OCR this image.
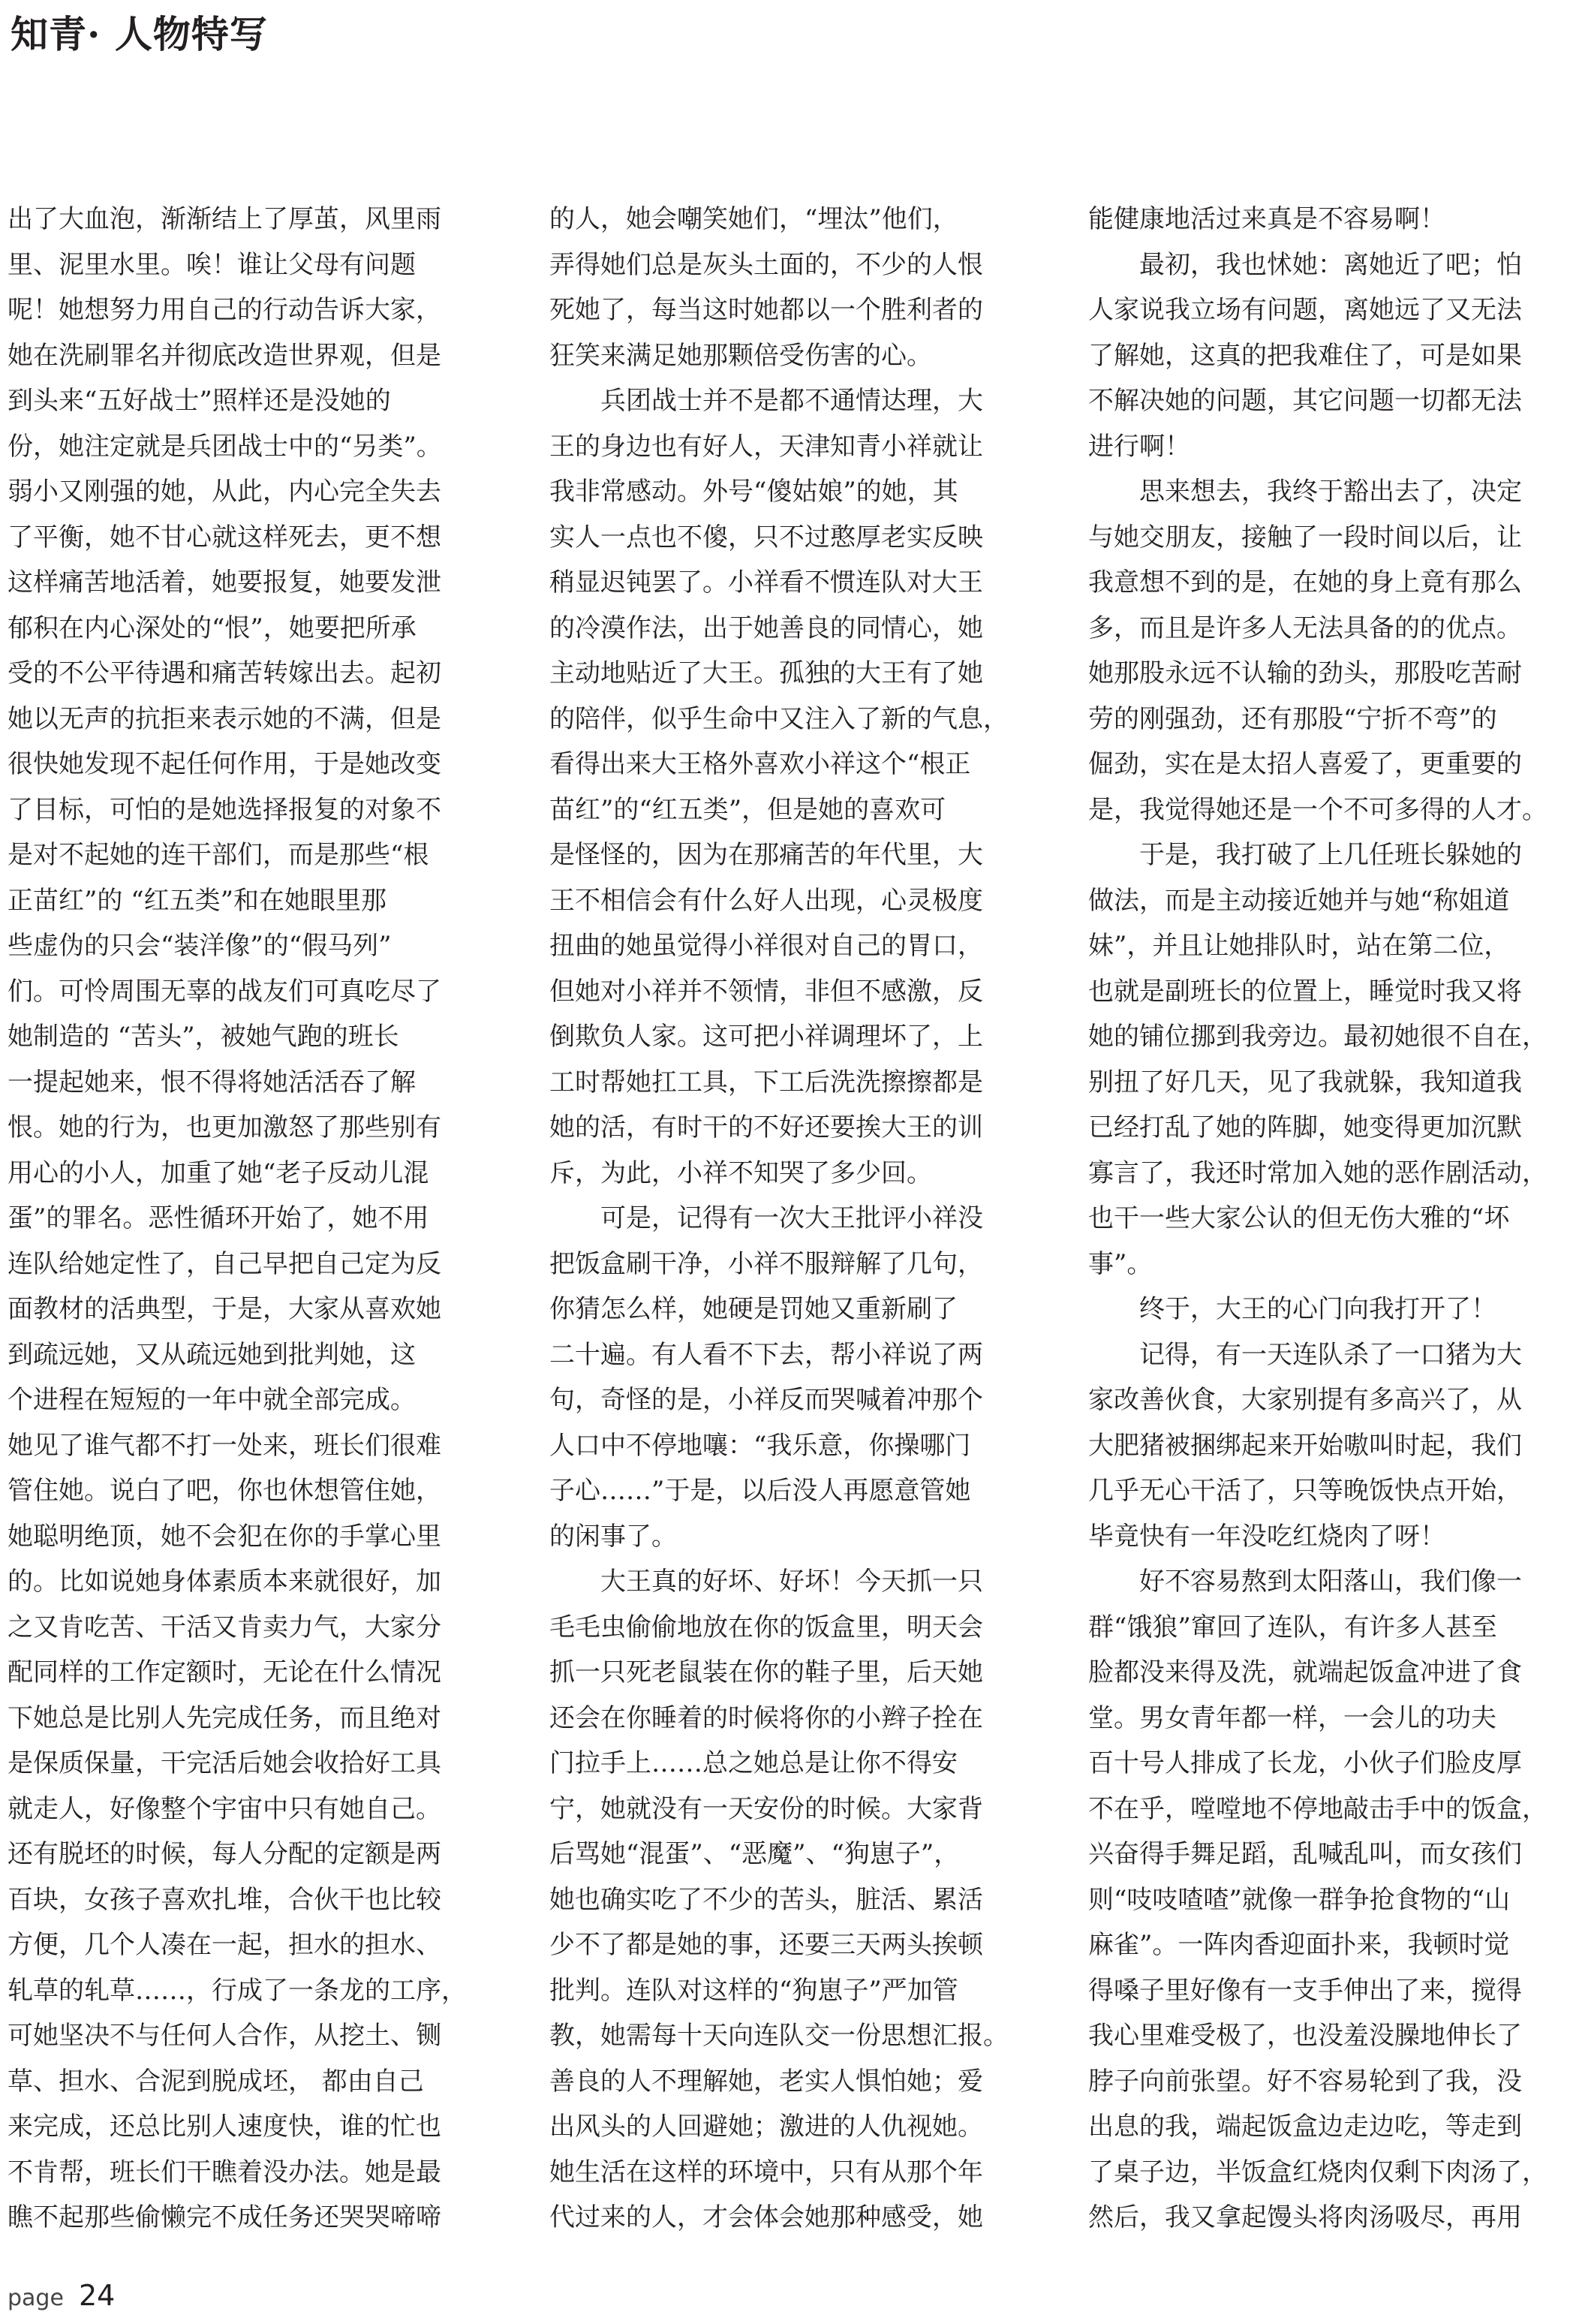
知青· 人物特写
出了大血泡，渐渐结上了厚茧，风里雨
里、泥里水里。唉！谁让父母有问题
呢！她想努力用自己的行动告诉大家，
她在洗刷罪名并彻底改造世界观，但是
到头来“五好战士”照样还是没她的
份，她注定就是兵团战士中的“另类”。
弱小又刚强的她，从此，内心完全失去
了平衡，她不甘心就这样死去，更不想
这样痛苦地活着，她要报复，她要发泄
郁积在内心深处的“恨”，她要把所承
受的不公平待遇和痛苦转嫁出去。起初
她以无声的抗拒来表示她的不满，但是
很快她发现不起任何作用，于是她改变
了目标，可怕的是她选择报复的对象不
是对不起她的连干部们，而是那些“根
正苗红”的 “红五类”和在她眼里那
些虚伪的只会“装洋像”的“假马列”
们。可怜周围无辜的战友们可真吃尽了
她制造的 “苦头”，被她气跑的班长
一提起她来，恨不得将她活活吞了解
恨。她的行为，也更加激怒了那些别有
用心的小人，加重了她“老子反动儿混
蛋”的罪名。恶性循环开始了，她不用
连队给她定性了，自己早把自己定为反
面教材的活典型，于是，大家从喜欢她
到疏远她，又从疏远她到批判她，这
个进程在短短的一年中就全部完成。
她见了谁气都不打一处来，班长们很难
管住她。说白了吧，你也休想管住她，
她聪明绝顶，她不会犯在你的手掌心里
的。比如说她身体素质本来就很好，加
之又肯吃苦、干活又肯卖力气，大家分
配同样的工作定额时，无论在什么情况
下她总是比别人先完成任务，而且绝对
是保质保量，干完活后她会收拾好工具
就走人，好像整个宇宙中只有她自己。
还有脱坯的时候，每人分配的定额是两
百块，女孩子喜欢扎堆，合伙干也比较
方便，几个人凑在一起，担水的担水、
轧草的轧草……，行成了一条龙的工序，
可她坚决不与任何人合作，从挖土、铡
草、担水、合泥到脱成坯， 都由自己
来完成，还总比别人速度快，谁的忙也
不肯帮，班长们干瞧着没办法。她是最
瞧不起那些偷懒完不成任务还哭哭啼啼
的人，她会嘲笑她们，“埋汰”他们，
弄得她们总是灰头土面的，不少的人恨
死她了，每当这时她都以一个胜利者的
狂笑来满足她那颗倍受伤害的心。
　　兵团战士并不是都不通情达理，大
王的身边也有好人，天津知青小祥就让
我非常感动。外号“傻姑娘”的她，其
实人一点也不傻，只不过憨厚老实反映
稍显迟钝罢了。小祥看不惯连队对大王
的冷漠作法，出于她善良的同情心，她
主动地贴近了大王。孤独的大王有了她
的陪伴，似乎生命中又注入了新的气息，
看得出来大王格外喜欢小祥这个“根正
苗红”的“红五类”，但是她的喜欢可
是怪怪的，因为在那痛苦的年代里，大
王不相信会有什么好人出现，心灵极度
扭曲的她虽觉得小祥很对自己的胃口，
但她对小祥并不领情，非但不感激，反
倒欺负人家。这可把小祥调理坏了，上
工时帮她扛工具，下工后洗洗擦擦都是
她的活，有时干的不好还要挨大王的训
斥，为此，小祥不知哭了多少回。
　　可是，记得有一次大王批评小祥没
把饭盒刷干净，小祥不服辩解了几句，
你猜怎么样，她硬是罚她又重新刷了
二十遍。有人看不下去，帮小祥说了两
句，奇怪的是，小祥反而哭喊着冲那个
人口中不停地嚷：“我乐意，你操哪门
子心……”于是，以后没人再愿意管她
的闲事了。
　　大王真的好坏、好坏！今天抓一只
毛毛虫偷偷地放在你的饭盒里，明天会
抓一只死老鼠装在你的鞋子里，后天她
还会在你睡着的时候将你的小辫子拴在
门拉手上……总之她总是让你不得安
宁，她就没有一天安份的时候。大家背
后骂她“混蛋”、“恶魔”、“狗崽子”，
她也确实吃了不少的苦头，脏活、累活
少不了都是她的事，还要三天两头挨顿
批判。连队对这样的“狗崽子”严加管
教，她需每十天向连队交一份思想汇报。
善良的人不理解她，老实人惧怕她；爱
出风头的人回避她；激进的人仇视她。
她生活在这样的环境中，只有从那个年
代过来的人，才会体会她那种感受，她
能健康地活过来真是不容易啊！
　　最初，我也怵她：离她近了吧；怕
人家说我立场有问题，离她远了又无法
了解她，这真的把我难住了，可是如果
不解决她的问题，其它问题一切都无法
进行啊！
　　思来想去，我终于豁出去了，决定
与她交朋友，接触了一段时间以后，让
我意想不到的是，在她的身上竟有那么
多，而且是许多人无法具备的的优点。
她那股永远不认输的劲头，那股吃苦耐
劳的刚强劲，还有那股“宁折不弯”的
倔劲，实在是太招人喜爱了，更重要的
是，我觉得她还是一个不可多得的人才。
　　于是，我打破了上几任班长躲她的
做法，而是主动接近她并与她“称姐道
妹”，并且让她排队时，站在第二位，
也就是副班长的位置上，睡觉时我又将
她的铺位挪到我旁边。最初她很不自在，
别扭了好几天，见了我就躲，我知道我
已经打乱了她的阵脚，她变得更加沉默
寡言了，我还时常加入她的恶作剧活动，
也干一些大家公认的但无伤大雅的“坏
事”。
　　终于，大王的心门向我打开了！
　　记得，有一天连队杀了一口猪为大
家改善伙食，大家别提有多高兴了，从
大肥猪被捆绑起来开始嗷叫时起，我们
几乎无心干活了，只等晚饭快点开始，
毕竟快有一年没吃红烧肉了呀！
　　好不容易熬到太阳落山，我们像一
群“饿狼”窜回了连队，有许多人甚至
脸都没来得及洗，就端起饭盒冲进了食
堂。男女青年都一样，一会儿的功夫
百十号人排成了长龙，小伙子们脸皮厚
不在乎，嘡嘡地不停地敲击手中的饭盒，
兴奋得手舞足蹈，乱喊乱叫，而女孩们
则“吱吱喳喳”就像一群争抢食物的“山
麻雀”。一阵肉香迎面扑来，我顿时觉
得嗓子里好像有一支手伸出了来，搅得
我心里难受极了，也没羞没臊地伸长了
脖子向前张望。好不容易轮到了我，没
出息的我，端起饭盒边走边吃，等走到
了桌子边，半饭盒红烧肉仅剩下肉汤了，
然后，我又拿起馒头将肉汤吸尽，再用
page 24
